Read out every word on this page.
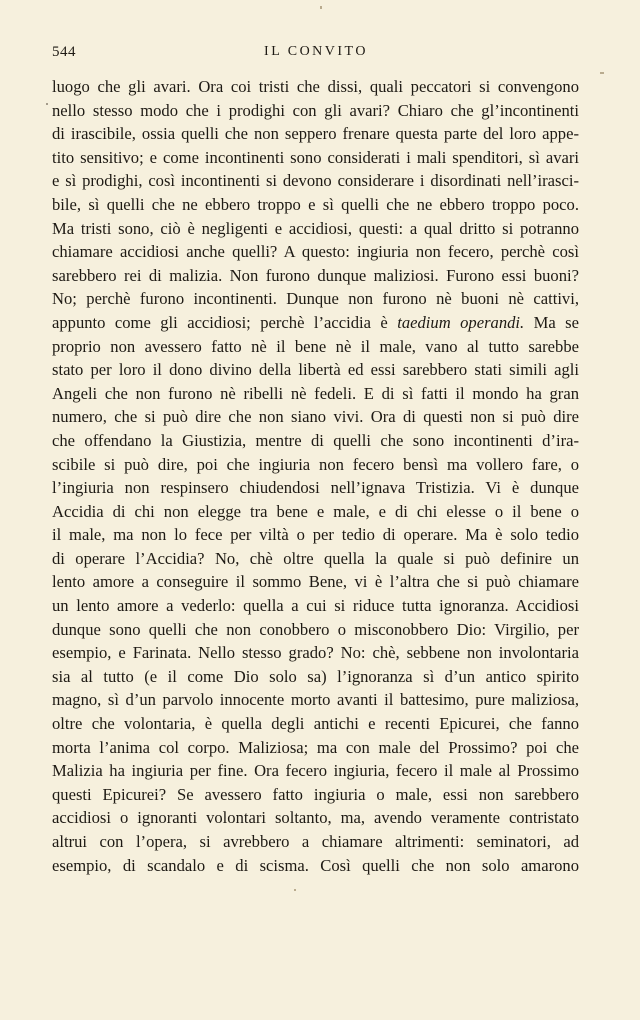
544	IL CONVITO
luogo che gli avari. Ora coi tristi che dissi, quali peccatori si convengono
nello stesso modo che i prodighi con gli avari? Chiaro che gl’incontinenti
di irascibile, ossia quelli che non seppero frenare questa parte del loro appe-
tito sensitivo; e come incontinenti sono considerati i mali spenditori, sì avari
e sì prodighi, così incontinenti si devono considerare i disordinati nell’irasci-
bile, sì quelli che ne ebbero troppo e sì quelli che ne ebbero troppo poco.
Ma tristi sono, ciò è negligenti e accidiosi, questi: a qual dritto si potranno
chiamare accidiosi anche quelli? A questo: ingiuria non fecero, perchè così
sarebbero rei di malizia. Non furono dunque maliziosi. Furono essi buoni?
No; perchè furono incontinenti. Dunque non furono nè buoni nè cattivi,
appunto come gli accidiosi; perchè l’accidia è taedium operandi. Ma se
proprio non avessero fatto nè il bene nè il male, vano al tutto sarebbe
stato per loro il dono divino della libertà ed essi sarebbero stati simili agli
Angeli che non furono nè ribelli nè fedeli. E di sì fatti il mondo ha gran
numero, che si può dire che non siano vivi. Ora di questi non si può dire
che offendano la Giustizia, mentre di quelli che sono incontinenti d’ira-
scibile si può dire, poi che ingiuria non fecero bensì ma vollero fare, o
l’ingiuria non respinsero chiudendosi nell’ignava Tristizia. Vi è dunque
Accidia di chi non elegge tra bene e male, e di chi elesse o il bene o
il male, ma non lo fece per viltà o per tedio di operare. Ma è solo tedio
di operare l’Accidia? No, chè oltre quella la quale si può definire un
lento amore a conseguire il sommo Bene, vi è l’altra che si può chiamare
un lento amore a vederlo: quella a cui si riduce tutta ignoranza. Accidiosi
dunque sono quelli che non conobbero o misconobbero Dio: Virgilio, per
esempio, e Farinata. Nello stesso grado? No: chè, sebbene non involontaria
sia al tutto (e il come Dio solo sa) l’ignoranza sì d’un antico spirito
magno, sì d’un parvolo innocente morto avanti il battesimo, pure maliziosa,
oltre che volontaria, è quella degli antichi e recenti Epicurei, che fanno
morta l’anima col corpo. Maliziosa; ma con male del Prossimo? poi che
Malizia ha ingiuria per fine. Ora fecero ingiuria, fecero il male al Prossimo
questi Epicurei? Se avessero fatto ingiuria o male, essi non sarebbero
accidiosi o ignoranti volontari soltanto, ma, avendo veramente contristato
altrui con l’opera, si avrebbero a chiamare altrimenti: seminatori, ad
esempio, di scandalo e di scisma. Così quelli che non solo amarono
